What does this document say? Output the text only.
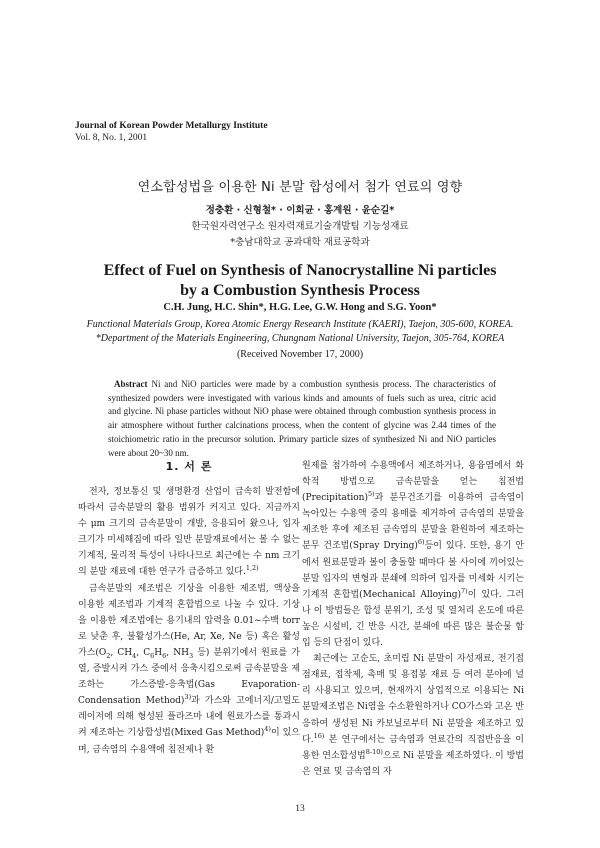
Journal of Korean Powder Metallurgy Institute
Vol. 8, No. 1, 2001
연소합성법을 이용한 Ni 분말 합성에서 첨가 연료의 영향
정충환 · 신형철* · 이희균 · 홍계원 · 윤순길*
한국원자력연구소 원자력재료기술개발팀 기능성재료
*충남대학교 공과대학 재료공학과
Effect of Fuel on Synthesis of Nanocrystalline Ni particles
by a Combustion Synthesis Process
C.H. Jung, H.C. Shin*, H.G. Lee, G.W. Hong and S.G. Yoon*
Functional Materials Group, Korea Atomic Energy Research Institute (KAERI), Taejon, 305-600, KOREA.
*Department of the Materials Engineering, Chungnam National University, Taejon, 305-764, KOREA
(Received November 17, 2000)
Abstract Ni and NiO particles were made by a combustion synthesis process. The characteristics of synthesized powders were investigated with various kinds and amounts of fuels such as urea, citric acid and glycine. Ni phase particles without NiO phase were obtained through combustion synthesis process in air atmosphere without further calcinations process, when the content of glycine was 2.44 times of the stoichiometric ratio in the precursor solution. Primary particle sizes of synthesized Ni and NiO particles were about 20~30 nm.
1. 서 론

전자, 정보통신 및 생명환경 산업이 급속히 발전함에 따라서 금속분말의 활용 범위가 커지고 있다. 지금까지 수 μm 크기의 금속분말이 개발, 응용되어 왔으나, 입자크기가 미세해짐에 따라 일반 분말재료에서는 볼 수 없는 기계적, 물리적 특성이 나타나므로 최근에는 수 nm 크기의 분말 재료에 대한 연구가 급증하고 있다.$^{1,2)}$

금속분말의 제조법은 기상을 이용한 제조법, 액상을 이용한 제조법과 기계적 혼합법으로 나눌 수 있다. 기상을 이용한 제조법에는 용기내의 압력을 0.01~수백 torr로 낮춘 후, 불활성가스(He, Ar, Xe, Ne 등) 혹은 활성가스($O_2$, $CH_4$, $C_6H_6$, $NH_3$ 등) 분위기에서 원료를 가열, 증발시켜 가스 중에서 응축시킴으로써 금속분말을 제조하는 가스증발-응축법(Gas Evaporation-Condensation Method)$^{3)}$과 가스와 고에너지/고밀도 레이저에 의해 형성된 플라즈마 내에 원료가스를 통과시켜 제조하는 기상합성법(Mixed Gas Method)$^{4)}$이 있으며, 금속염의 수용액에 침전제나 환

원제를 첨가하여 수용액에서 제조하거나, 용융염에서 화학적 방법으로 금속분말을 얻는 침전법(Precipitation)$^{5)}$과 분무건조기를 이용하여 금속염이 녹아있는 수용액 중의 용매를 제거하여 금속염의 분말을 제조한 후에 제조된 금속염의 분말을 환원하여 제조하는 분무 건조법(Spray Drying)$^{6)}$등이 있다. 또한, 용기 안에서 원료분말과 볼이 충돌할 때마다 볼 사이에 끼어있는 분말 입자의 변형과 분쇄에 의하여 입자를 미세화 시키는 기계적 혼합법(Mechanical Alloying)$^{7)}$이 있다. 그러나 이 방법들은 합성 분위기, 조성 및 열처리 온도에 따른 높은 시설비, 긴 반응 시간, 분쇄에 따른 많은 불순물 함입 등의 단점이 있다.

최근에는 고순도, 초미립 Ni 분말이 자성재료, 전기접점재료, 접착제, 촉매 및 용접봉 재료 등 여러 분야에 널리 사용되고 있으며, 현재까지 상업적으로 이용되는 Ni 분말제조법은 Ni염을 수소환원하거나 CO가스와 고온 반응하여 생성된 Ni 카보닐로부터 Ni 분말을 제조하고 있다.$^{16)}$ 본 연구에서는 금속염과 연료간의 직접반응을 이용한 연소합성법$^{8-10)}$으로 Ni 분말을 제조하였다. 이 방법은 연료 및 금속염의 자

13
